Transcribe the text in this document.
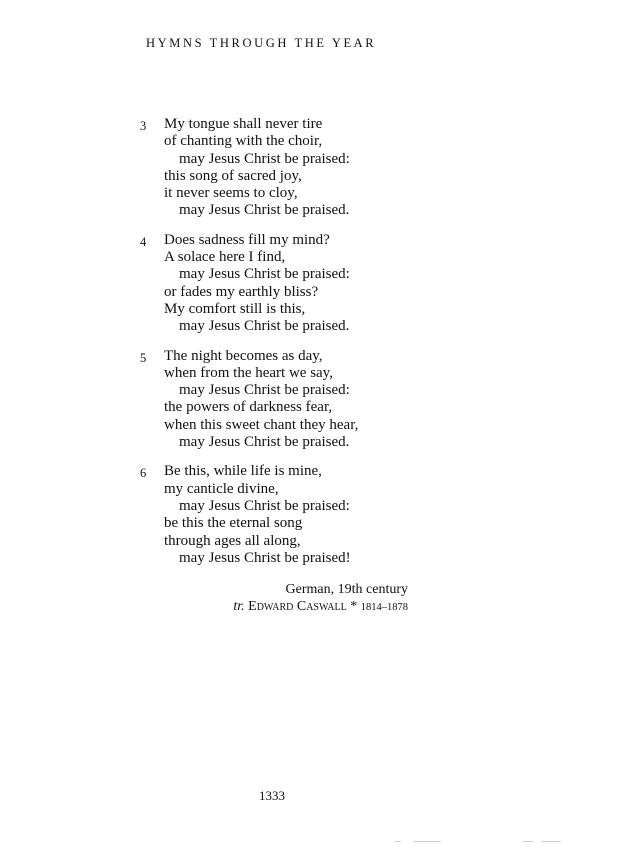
HYMNS THROUGH THE YEAR
3 My tongue shall never tire
of chanting with the choir,
may Jesus Christ be praised:
this song of sacred joy,
it never seems to cloy,
may Jesus Christ be praised.
4 Does sadness fill my mind?
A solace here I find,
may Jesus Christ be praised:
or fades my earthly bliss?
My comfort still is this,
may Jesus Christ be praised.
5 The night becomes as day,
when from the heart we say,
may Jesus Christ be praised:
the powers of darkness fear,
when this sweet chant they hear,
may Jesus Christ be praised.
6 Be this, while life is mine,
my canticle divine,
may Jesus Christ be praised:
be this the eternal song
through ages all along,
may Jesus Christ be praised!
German, 19th century
tr. Edward Caswall * 1814–1878
1333
